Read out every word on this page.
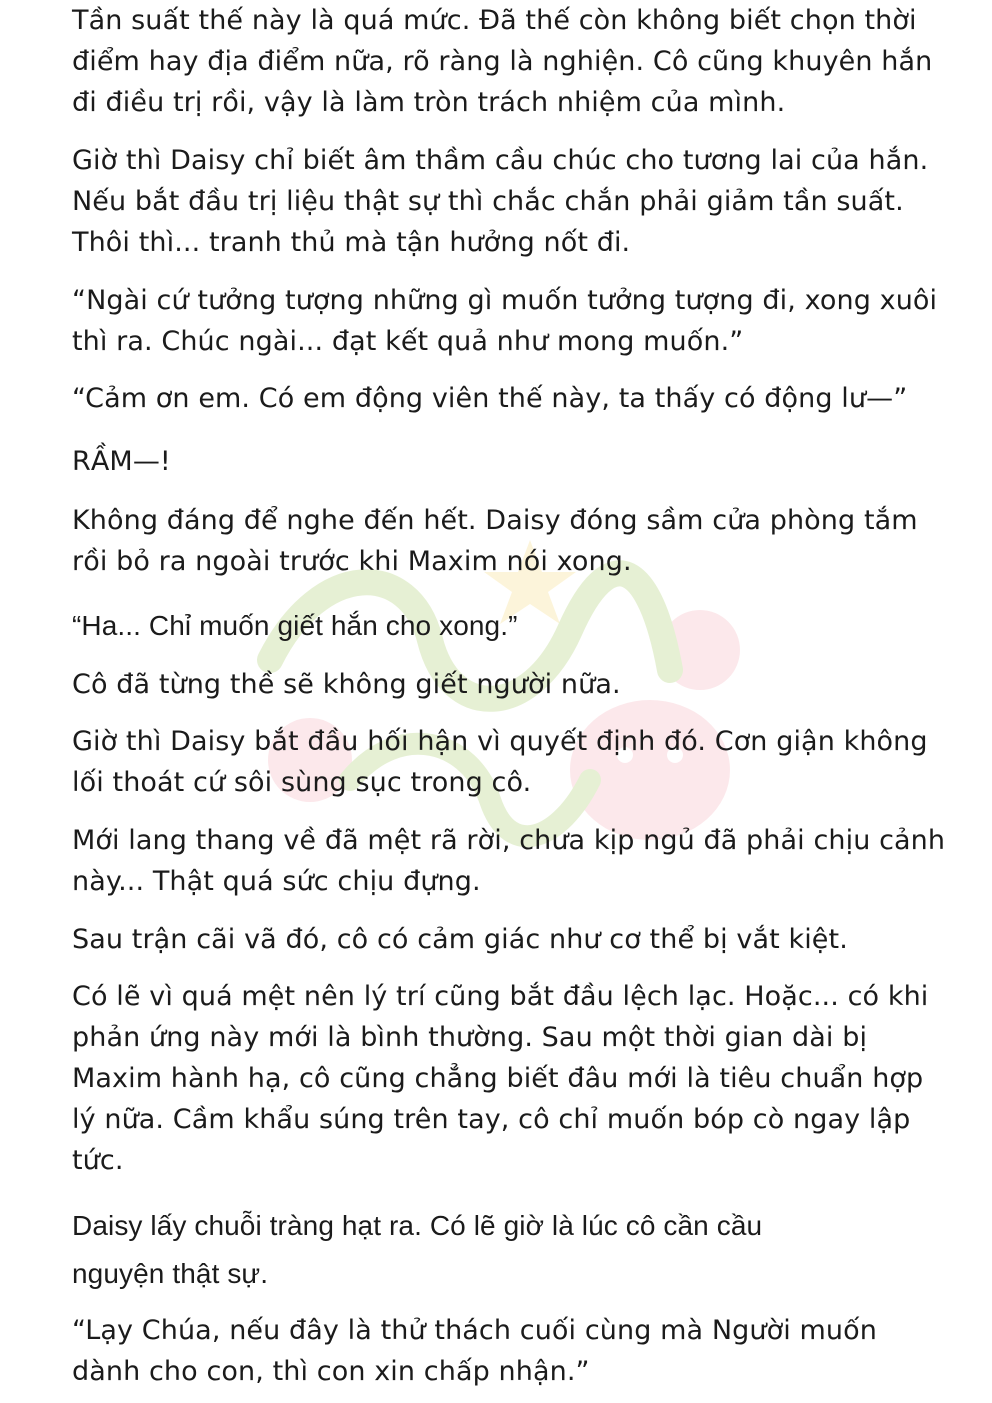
Tần suất thế này là quá mức. Đã thế còn không biết chọn thời
điểm hay địa điểm nữa, rõ ràng là nghiện. Cô cũng khuyên hắn
đi điều trị rồi, vậy là làm tròn trách nhiệm của mình.

Giờ thì Daisy chỉ biết âm thầm cầu chúc cho tương lai của hắn.
Nếu bắt đầu trị liệu thật sự thì chắc chắn phải giảm tần suất.
Thôi thì... tranh thủ mà tận hưởng nốt đi.

“Ngài cứ tưởng tượng những gì muốn tưởng tượng đi, xong xuôi
thì ra. Chúc ngài... đạt kết quả như mong muốn.”

“Cảm ơn em. Có em động viên thế này, ta thấy có động lư—”

RẦM—!

Không đáng để nghe đến hết. Daisy đóng sầm cửa phòng tắm
rồi bỏ ra ngoài trước khi Maxim nói xong.

“Ha... Chỉ muốn giết hắn cho xong.”

Cô đã từng thề sẽ không giết người nữa.

Giờ thì Daisy bắt đầu hối hận vì quyết định đó. Cơn giận không
lối thoát cứ sôi sùng sục trong cô.

Mới lang thang về đã mệt rã rời, chưa kịp ngủ đã phải chịu cảnh
này... Thật quá sức chịu đựng.

Sau trận cãi vã đó, cô có cảm giác như cơ thể bị vắt kiệt.

Có lẽ vì quá mệt nên lý trí cũng bắt đầu lệch lạc. Hoặc... có khi
phản ứng này mới là bình thường. Sau một thời gian dài bị
Maxim hành hạ, cô cũng chẳng biết đâu mới là tiêu chuẩn hợp
lý nữa. Cầm khẩu súng trên tay, cô chỉ muốn bóp cò ngay lập
tức.

Daisy lấy chuỗi tràng hạt ra. Có lẽ giờ là lúc cô cần cầu
nguyện thật sự.

“Lạy Chúa, nếu đây là thử thách cuối cùng mà Người muốn
dành cho con, thì con xin chấp nhận.”
